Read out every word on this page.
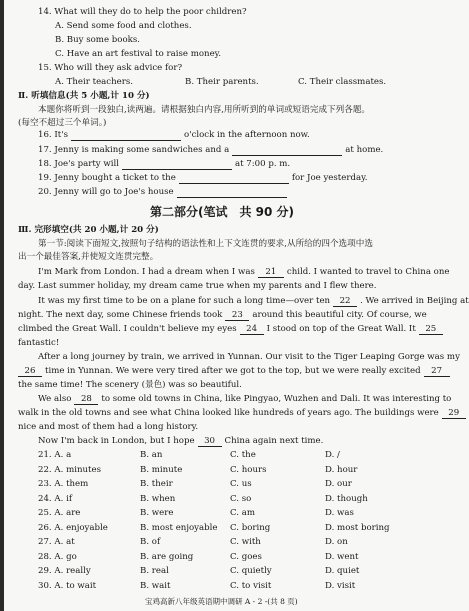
14. What will they do to help the poor children?
A. Send some food and clothes.
B. Buy some books.
C. Have an art festival to raise money.
15. Who will they ask advice for?
A. Their teachers.	B. Their parents.	C. Their classmates.
Ⅱ. 听填信息(共 5 小题,计 10 分)
本题你将听到一段独白,读两遍。请根据独白内容,用所听到的单词或短语完成下列各题。
(每空不超过三个单词。)
16. It's	o'clock in the afternoon now.
17. Jenny is making some sandwiches and a	at home.
18. Joe's party will	at 7:00 p. m.
19. Jenny bought a ticket to the	for Joe yesterday.
20. Jenny will go to Joe's house
第二部分(笔试　共 90 分)
Ⅲ. 完形填空(共 20 小题,计 20 分)
第一节:阅读下面短文,按照句子结构的语法性和上下文连贯的要求,从所给的四个选项中选
出一个最佳答案,并使短文连贯完整。
I'm Mark from London. I had a dream when I was 21 child. I wanted to travel to China one
day. Last summer holiday, my dream came true when my parents and I flew there.
It was my first time to be on a plane for such a long time—over ten 22 . We arrived in Beijing at
night. The next day, some Chinese friends took 23 around this beautiful city. Of course, we
climbed the Great Wall. I couldn't believe my eyes 24 I stood on top of the Great Wall. It 25
fantastic!
After a long journey by train, we arrived in Yunnan. Our visit to the Tiger Leaping Gorge was my
26 time in Yunnan. We were very tired after we got to the top, but we were really excited 27
the same time! The scenery (景色) was so beautiful.
We also 28 to some old towns in China, like Pingyao, Wuzhen and Dali. It was interesting to
walk in the old towns and see what China looked like hundreds of years ago. The buildings were 29
nice and most of them had a long history.
Now I'm back in London, but I hope 30 China again next time.
21. A. a	B. an	C. the	D. /
22. A. minutes	B. minute	C. hours	D. hour
23. A. them	B. their	C. us	D. our
24. A. if	B. when	C. so	D. though
25. A. are	B. were	C. am	D. was
26. A. enjoyable	B. most enjoyable C. boring	D. most boring
27. A. at	B. of	C. with	D. on
28. A. go	B. are going	C. goes	D. went
29. A. really	B. real	C. quietly	D. quiet
30. A. to wait	B. wait	C. to visit	D. visit
宝鸡高新八年级英语期中调研 A - 2 -(共 8 页)
